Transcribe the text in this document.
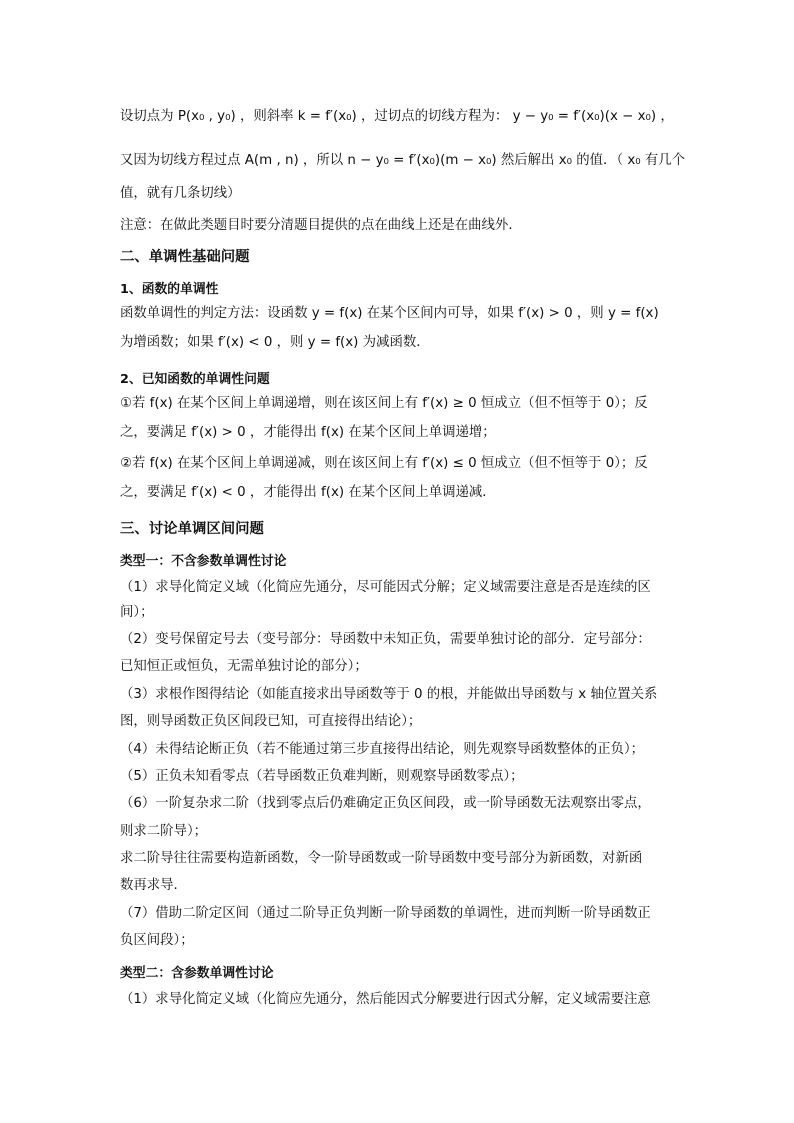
设切点为 P(x₀ , y₀) ，则斜率 k = f′(x₀) ，过切点的切线方程为： y − y₀ = f′(x₀)(x − x₀) ，
又因为切线方程过点 A(m , n) ，所以 n − y₀ = f′(x₀)(m − x₀) 然后解出 x₀ 的值．（ x₀ 有几个
值，就有几条切线）
注意：在做此类题目时要分清题目提供的点在曲线上还是在曲线外．
二、单调性基础问题
1、函数的单调性
函数单调性的判定方法：设函数 y = f(x) 在某个区间内可导，如果 f′(x) > 0 ，则 y = f(x)
为增函数；如果 f′(x) < 0 ，则 y = f(x) 为减函数．
2、已知函数的单调性问题
①若 f(x) 在某个区间上单调递增，则在该区间上有 f′(x) ≥ 0 恒成立（但不恒等于 0）；反
之，要满足 f′(x) > 0 ，才能得出 f(x) 在某个区间上单调递增；
②若 f(x) 在某个区间上单调递减，则在该区间上有 f′(x) ≤ 0 恒成立（但不恒等于 0）；反
之，要满足 f′(x) < 0 ，才能得出 f(x) 在某个区间上单调递减．
三、讨论单调区间问题
类型一：不含参数单调性讨论
（1）求导化简定义域（化简应先通分，尽可能因式分解；定义域需要注意是否是连续的区
间）；
（2）变号保留定号去（变号部分：导函数中未知正负，需要单独讨论的部分．定号部分：
已知恒正或恒负，无需单独讨论的部分）；
（3）求根作图得结论（如能直接求出导函数等于 0 的根，并能做出导函数与 x 轴位置关系
图，则导函数正负区间段已知，可直接得出结论）；
（4）未得结论断正负（若不能通过第三步直接得出结论，则先观察导函数整体的正负）；
（5）正负未知看零点（若导函数正负难判断，则观察导函数零点）；
（6）一阶复杂求二阶（找到零点后仍难确定正负区间段，或一阶导函数无法观察出零点，
则求二阶导）；
求二阶导往往需要构造新函数，令一阶导函数或一阶导函数中变号部分为新函数，对新函
数再求导．
（7）借助二阶定区间（通过二阶导正负判断一阶导函数的单调性，进而判断一阶导函数正
负区间段）；
类型二：含参数单调性讨论
（1）求导化简定义域（化简应先通分，然后能因式分解要进行因式分解，定义域需要注意
